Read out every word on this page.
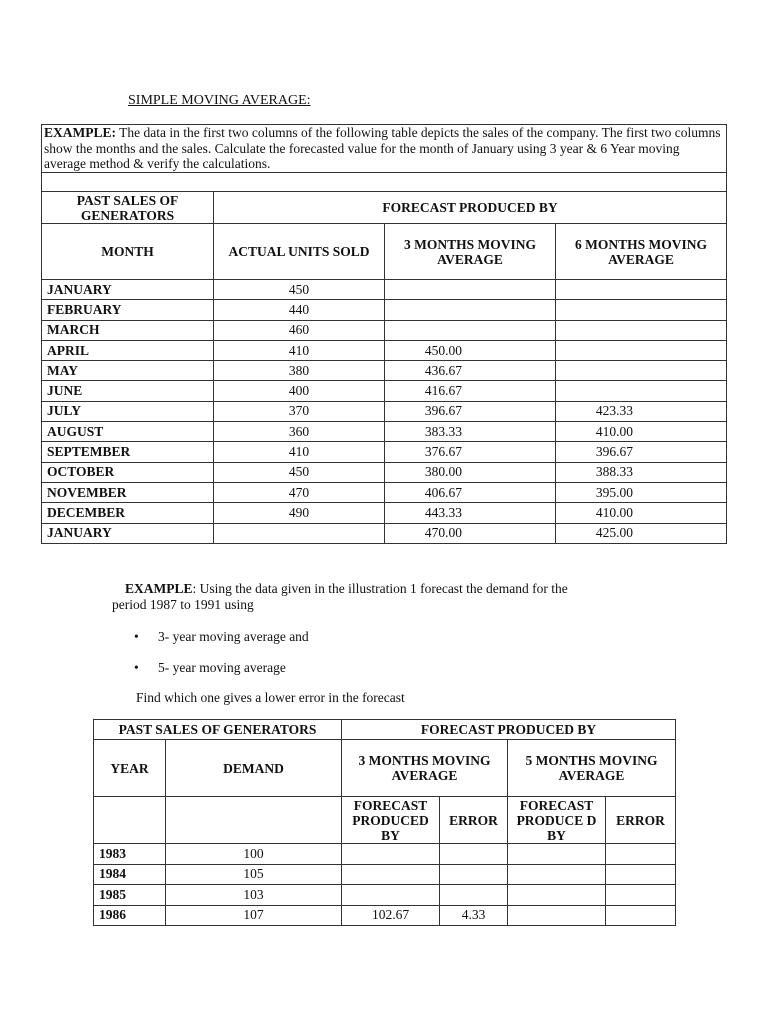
SIMPLE MOVING AVERAGE:
EXAMPLE: The data in the first two columns of the following table depicts the sales of the company. The first two columns show the months and the sales. Calculate the forecasted value for the month of January using 3 year & 6 Year moving average method & verify the calculations.			

PAST SALES OF GENERATORS	FORECAST PRODUCED BY		
MONTH	ACTUAL UNITS SOLD	3 MONTHS MOVING AVERAGE	6 MONTHS MOVING AVERAGE
JANUARY	450		
FEBRUARY	440		
MARCH	460		
APRIL	410	450.00	
MAY	380	436.67	
JUNE	400	416.67	
JULY	370	396.67	423.33
AUGUST	360	383.33	410.00
SEPTEMBER	410	376.67	396.67
OCTOBER	450	380.00	388.33
NOVEMBER	470	406.67	395.00
DECEMBER	490	443.33	410.00
JANUARY		470.00	425.00
EXAMPLE: Using the data given in the illustration 1 forecast the demand for the
period 1987 to 1991 using
• 3- year moving average and
• 5- year moving average
Find which one gives a lower error in the forecast
PAST SALES OF GENERATORS		FORECAST PRODUCED BY			
YEAR	DEMAND	3 MONTHS MOVING AVERAGE		5 MONTHS MOVING AVERAGE	
		FORECAST PRODUCED BY	ERROR	FORECAST PRODUCE D BY	ERROR
1983	100				
1984	105				
1985	103				
1986	107	102.67	4.33		
